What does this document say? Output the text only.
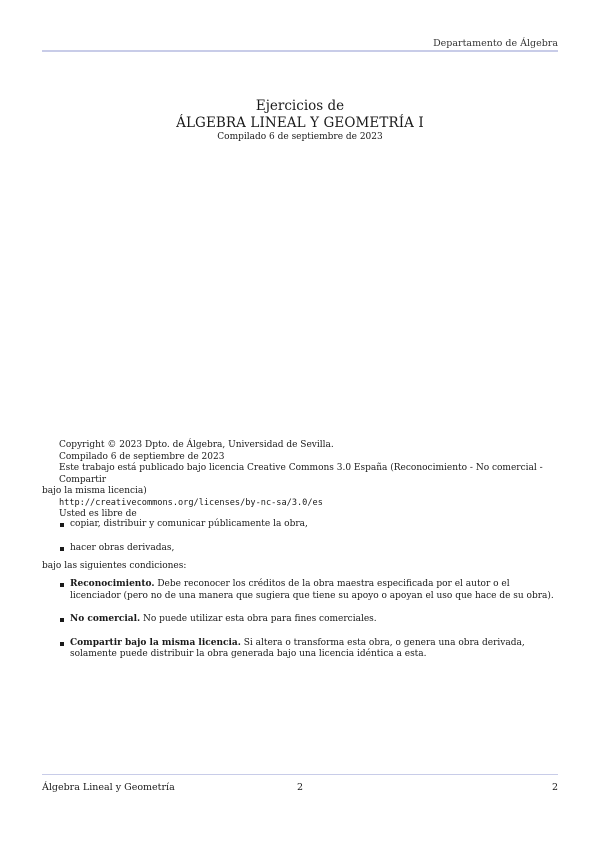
Departamento de Álgebra
Ejercicios de
ÁLGEBRA LINEAL Y GEOMETRÍA I
Compilado 6 de septiembre de 2023

Copyright © 2023 Dpto. de Álgebra, Universidad de Sevilla.

Compilado 6 de septiembre de 2023

Este trabajo está publicado bajo licencia Creative Commons 3.0 España (Reconocimiento - No comercial - Compartir
bajo la misma licencia)

http://creativecommons.org/licenses/by-nc-sa/3.0/es

Usted es libre de

copiar, distribuir y comunicar públicamente la obra,
hacer obras derivadas,
bajo las siguientes condiciones:
Reconocimiento. Debe reconocer los créditos de la obra maestra especificada por el autor o el licenciador (pero no de una manera que sugiera que tiene su apoyo o apoyan el uso que hace de su obra).
No comercial. No puede utilizar esta obra para fines comerciales.
Compartir bajo la misma licencia. Si altera o transforma esta obra, o genera una obra derivada, solamente puede distribuir la obra generada bajo una licencia idéntica a esta.
Álgebra Lineal y Geometría	2	2
